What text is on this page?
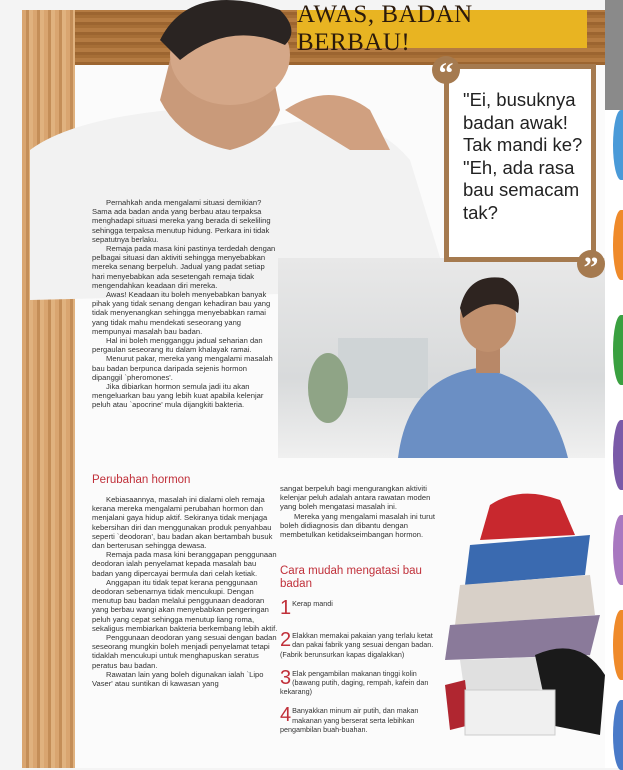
AWAS, BADAN BERBAU!
"Ei, busuknya badan awak! Tak mandi ke? "Eh, ada rasa bau semacam tak?
“
”

Pernahkah anda mengalami situasi demikian? Sama ada badan anda yang berbau atau terpaksa menghadapi situasi mereka yang berada di sekeliling sehingga terpaksa menutup hidung. Perkara ini tidak sepatutnya berlaku.

Remaja pada masa kini pastinya terdedah dengan pelbagai situasi dan aktiviti sehingga menyebabkan mereka senang berpeluh. Jadual yang padat setiap hari menyebabkan ada sesetengah remaja tidak mengendahkan keadaan diri mereka.

Awas! Keadaan itu boleh menyebabkan banyak pihak yang tidak senang dengan kehadiran bau yang tidak menyenangkan sehingga menyebabkan ramai yang tidak mahu mendekati seseorang yang mempunyai masalah bau badan.

Hal ini boleh mengganggu jadual seharian dan pergaulan seseorang itu dalam khalayak ramai.

Menurut pakar, mereka yang mengalami masalah bau badan berpunca daripada sejenis hormon dipanggil `pheromones'.

Jika dibiarkan hormon semula jadi itu akan mengeluarkan bau yang lebih kuat apabila kelenjar peluh atau `apocrine' mula dijangkiti bakteria.

Perubahan hormon

Kebiasaannya, masalah ini dialami oleh remaja kerana mereka mengalami perubahan hormon dan menjalani gaya hidup aktif. Sekiranya tidak menjaga kebersihan diri dan menggunakan produk penyahbau seperti `deodoran', bau badan akan bertambah busuk dan berterusan sehingga dewasa.

Remaja pada masa kini beranggapan penggunaan deodoran ialah penyelamat kepada masalah bau badan yang dipercayai bermula dari celah ketiak.

Anggapan itu tidak tepat kerana penggunaan deodoran sebenarnya tidak mencukupi. Dengan menutup bau badan melalui penggunaan deadoran yang berbau wangi akan menyebabkan pengeringan peluh yang cepat sehingga menutup liang roma, sekaligus membiarkan bakteria berkembang lebih aktif.

Penggunaan deodoran yang sesuai dengan badan seseorang mungkin boleh menjadi penyelamat tetapi tidaklah mencukupi untuk menghapuskan seratus peratus bau badan.

Rawatan lain yang boleh digunakan ialah `Lipo Vaser' atau suntikan di kawasan yang

sangat berpeluh bagi mengurangkan aktiviti kelenjar peluh adalah antara rawatan moden yang boleh mengatasi masalah ini.

Mereka yang mengalami masalah ini turut boleh didiagnosis dan dibantu dengan membetulkan ketidakseimbangan hormon.

Cara mudah mengatasi bau badan
1 Kerap mandi
2 Elakkan memakai pakaian yang terlalu ketat dan pakai fabrik yang sesuai dengan badan. (Fabrik berunsurkan kapas digalakkan)
3 Elak pengambilan makanan tinggi kolin (bawang putih, daging, rempah, kafein dan kekarang)
4 Banyakkan minum air putih, dan makan makanan yang berserat serta lebihkan pengambilan buah-buahan.
